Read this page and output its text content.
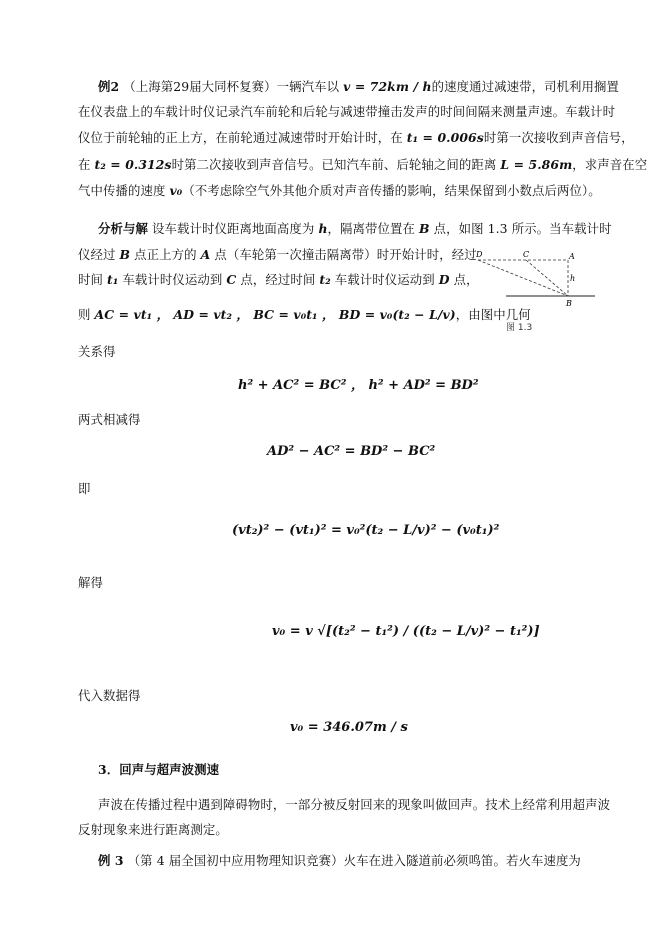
例2 （上海第29届大同杯复赛）一辆汽车以 v = 72km / h的速度通过减速带，司机利用搁置
在仪表盘上的车载计时仪记录汽车前轮和后轮与减速带撞击发声的时间间隔来测量声速。车载计时
仪位于前轮轴的正上方，在前轮通过减速带时开始计时，在 t₁ = 0.006s时第一次接收到声音信号，
在 t₂ = 0.312s时第二次接收到声音信号。已知汽车前、后轮轴之间的距离 L = 5.86m，求声音在空
气中传播的速度 v₀（不考虑除空气外其他介质对声音传播的影响，结果保留到小数点后两位）。
分析与解 设车载计时仪距离地面高度为 h，隔离带位置在 B 点，如图 1.3 所示。当车载计时
仪经过 B 点正上方的 A 点（车轮第一次撞击隔离带）时开始计时，经过
时间 t₁ 车载计时仪运动到 C 点，经过时间 t₂ 车载计时仪运动到 D 点，
则 AC = vt₁ ， AD = vt₂ ， BC = v₀t₁ ， BD = v₀(t₂ − L/v)，由图中几何
关系得
D	C	A
h
B
图 1.3
h² + AC² = BC² ， h² + AD² = BD²
两式相减得
AD² − AC² = BD² − BC²
即
(vt₂)² − (vt₁)² = v₀²(t₂ − L/v)² − (v₀t₁)²
解得
v₀ = v √[(t₂² − t₁²) / ((t₂ − L/v)² − t₁²)]
代入数据得
v₀ = 346.07m / s
3．回声与超声波测速
声波在传播过程中遇到障碍物时，一部分被反射回来的现象叫做回声。技术上经常利用超声波
反射现象来进行距离测定。
例 3 （第 4 届全国初中应用物理知识竞赛）火车在进入隧道前必须鸣笛。若火车速度为
